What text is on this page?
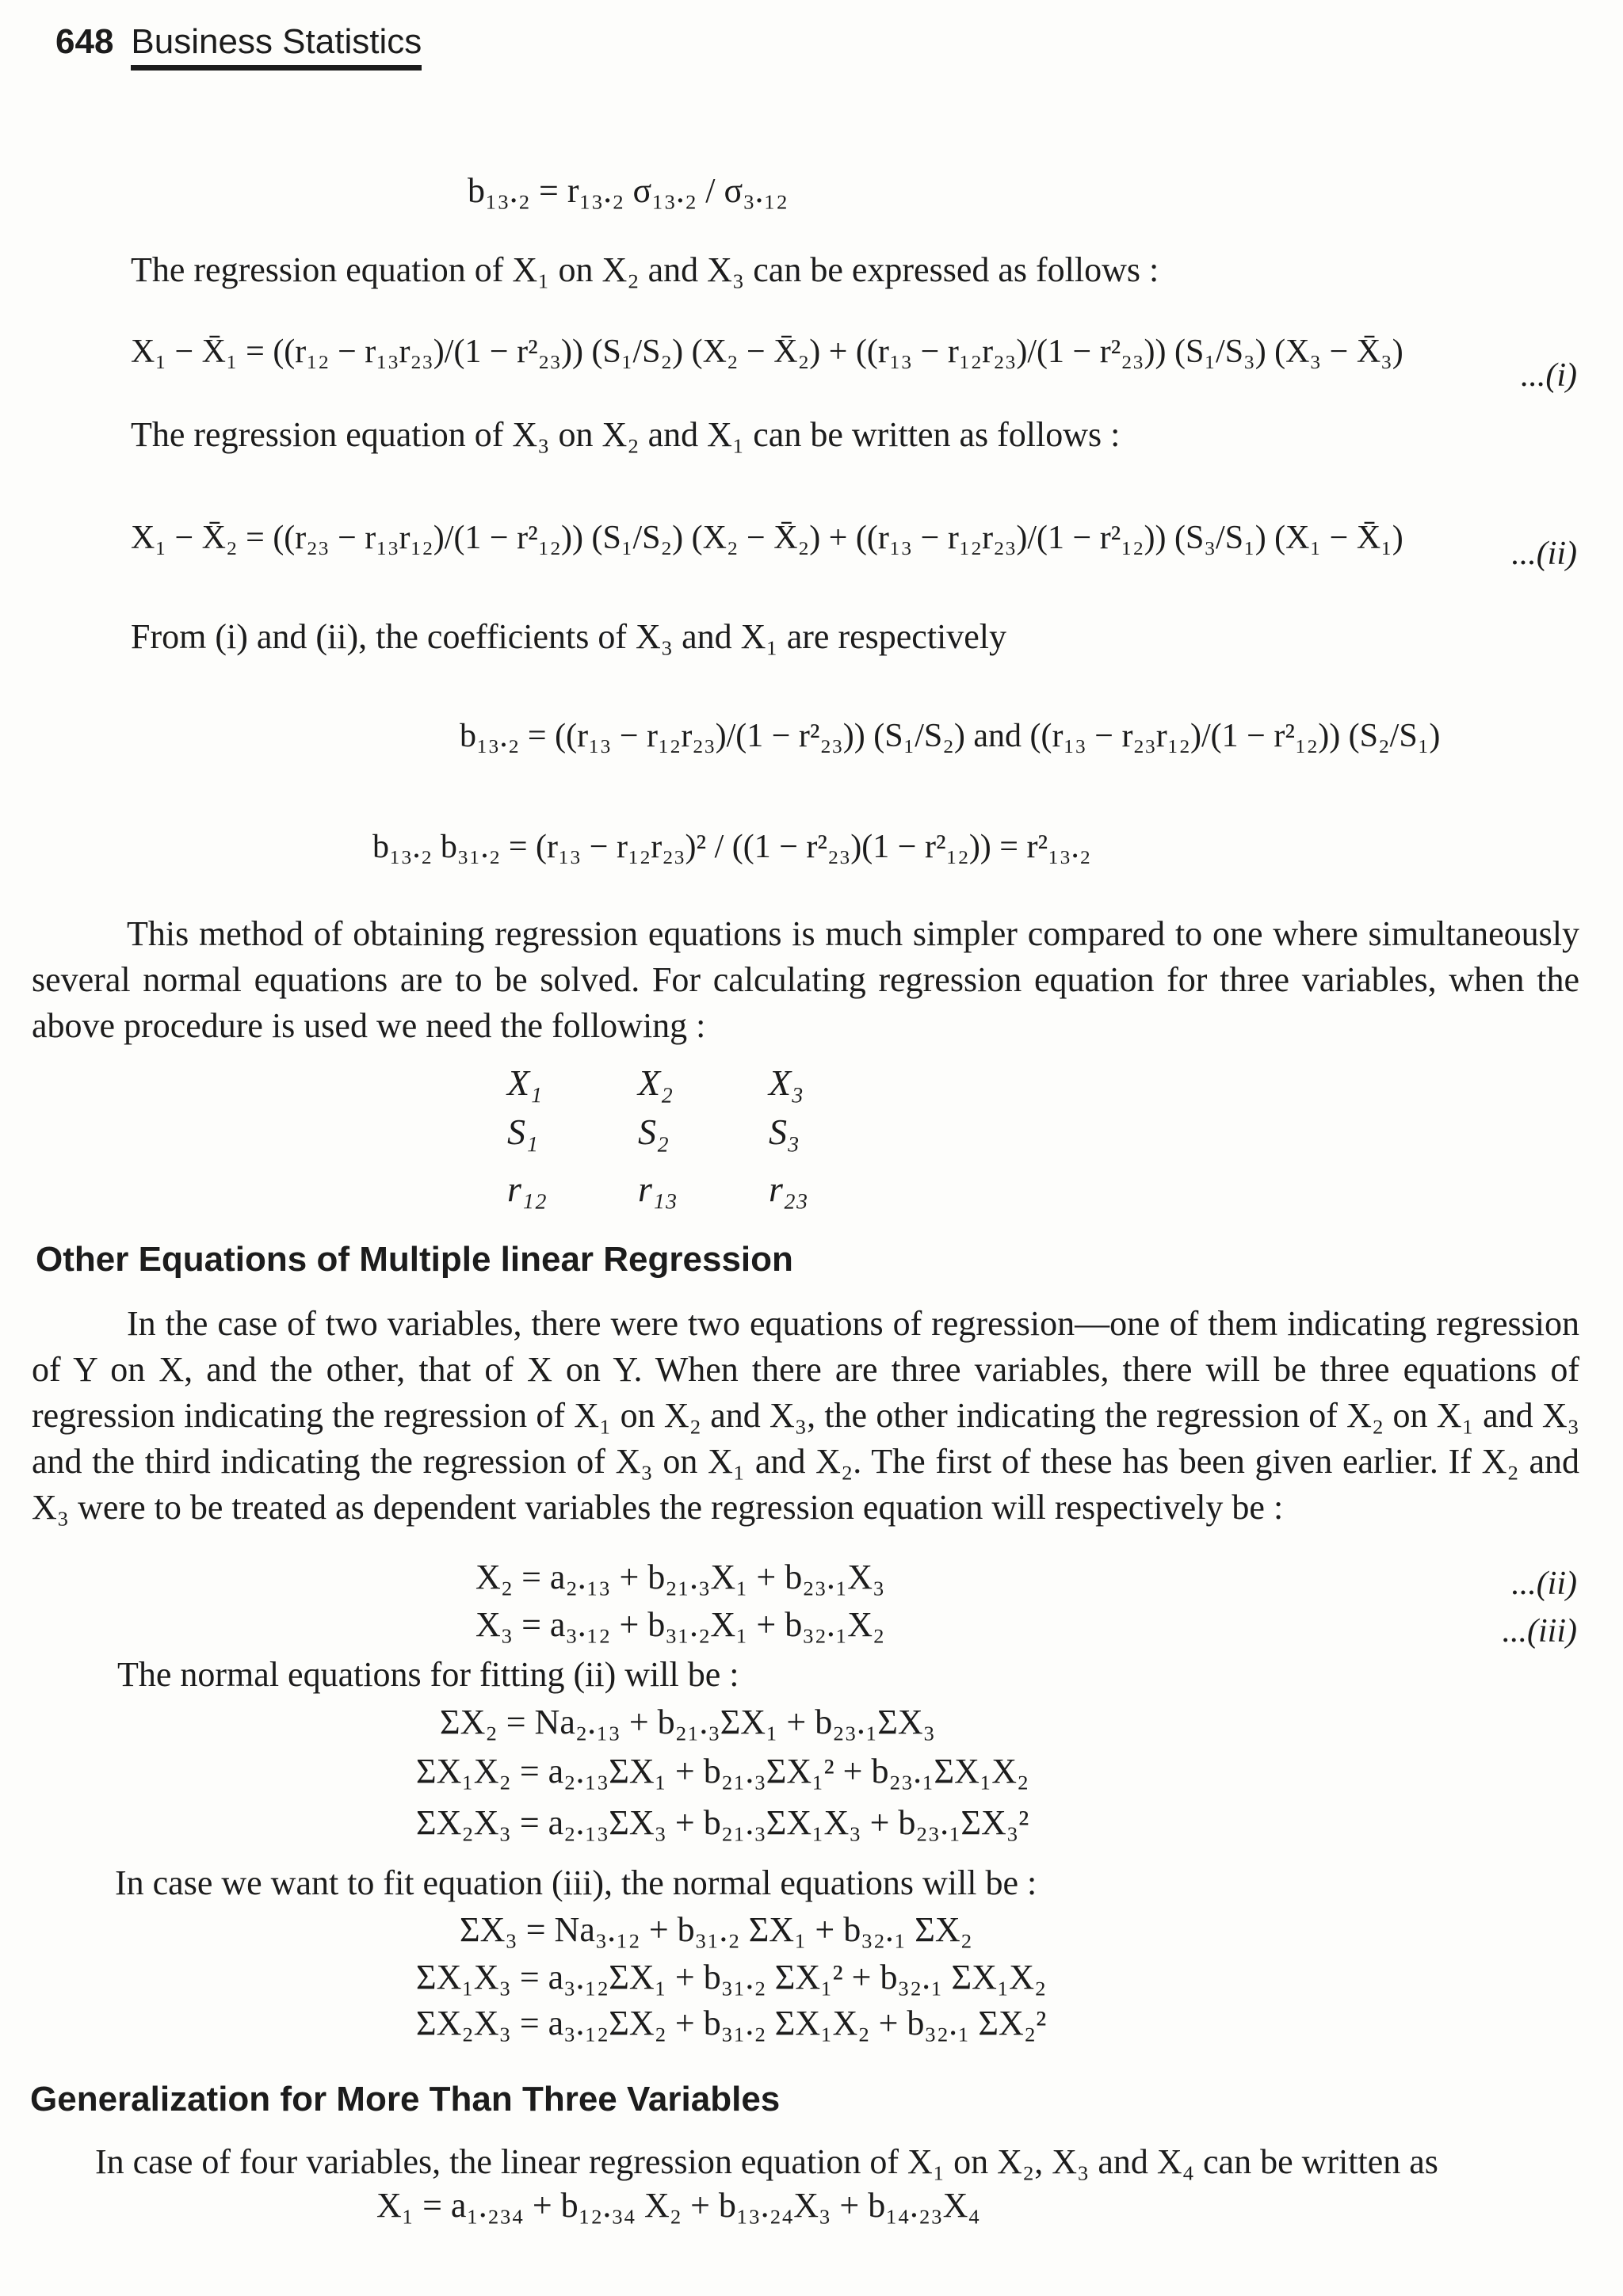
648 Business Statistics
b₁₃.₂ = r₁₃.₂ σ₁₃.₂ / σ₃.₁₂
The regression equation of X₁ on X₂ and X₃ can be expressed as follows :
X₁ − X̄₁ = ((r₁₂ − r₁₃r₂₃)/(1 − r²₂₃)) (S₁/S₂) (X₂ − X̄₂) + ((r₁₃ − r₁₂r₂₃)/(1 − r²₂₃)) (S₁/S₃) (X₃ − X̄₃)
...(i)
The regression equation of X₃ on X₂ and X₁ can be written as follows :
X₁ − X̄₂ = ((r₂₃ − r₁₃r₁₂)/(1 − r²₁₂)) (S₁/S₂) (X₂ − X̄₂) + ((r₁₃ − r₁₂r₂₃)/(1 − r²₁₂)) (S₃/S₁) (X₁ − X̄₁)	...(ii)
From (i) and (ii), the coefficients of X₃ and X₁ are respectively
b₁₃.₂ = ((r₁₃ − r₁₂r₂₃)/(1 − r²₂₃)) (S₁/S₂) and ((r₁₃ − r₂₃r₁₂)/(1 − r²₁₂)) (S₂/S₁)
b₁₃.₂ b₃₁.₂ = (r₁₃ − r₁₂r₂₃)² / ((1 − r²₂₃)(1 − r²₁₂)) = r²₁₃.₂
This method of obtaining regression equations is much simpler compared to one where simultaneously several normal equations are to be solved. For calculating regression equation for three variables, when the above procedure is used we need the following :
X₁	X₂	X₃
S₁	S₂	S₃
r₁₂	r₁₃	r₂₃
Other Equations of Multiple linear Regression
In the case of two variables, there were two equations of regression—one of them indicating regression of Y on X, and the other, that of X on Y. When there are three variables, there will be three equations of regression indicating the regression of X₁ on X₂ and X₃, the other indicating the regression of X₂ on X₁ and X₃ and the third indicating the regression of X₃ on X₁ and X₂. The first of these has been given earlier. If X₂ and X₃ were to be treated as dependent variables the regression equation will respectively be :
X₂ = a₂.₁₃ + b₂₁.₃X₁ + b₂₃.₁X₃	...(ii)
X₃ = a₃.₁₂ + b₃₁.₂X₁ + b₃₂.₁X₂	...(iii)
The normal equations for fitting (ii) will be :
ΣX₂ = Na₂.₁₃ + b₂₁.₃ΣX₁ + b₂₃.₁ΣX₃
ΣX₁X₂ = a₂.₁₃ΣX₁ + b₂₁.₃ΣX₁² + b₂₃.₁ΣX₁X₂
ΣX₂X₃ = a₂.₁₃ΣX₃ + b₂₁.₃ΣX₁X₃ + b₂₃.₁ΣX₃²
In case we want to fit equation (iii), the normal equations will be :
ΣX₃ = Na₃.₁₂ + b₃₁.₂ ΣX₁ + b₃₂.₁ ΣX₂
ΣX₁X₃ = a₃.₁₂ΣX₁ + b₃₁.₂ ΣX₁² + b₃₂.₁ ΣX₁X₂
ΣX₂X₃ = a₃.₁₂ΣX₂ + b₃₁.₂ ΣX₁X₂ + b₃₂.₁ ΣX₂²
Generalization for More Than Three Variables
In case of four variables, the linear regression equation of X₁ on X₂, X₃ and X₄ can be written as
X₁ = a₁.₂₃₄ + b₁₂.₃₄ X₂ + b₁₃.₂₄X₃ + b₁₄.₂₃X₄
